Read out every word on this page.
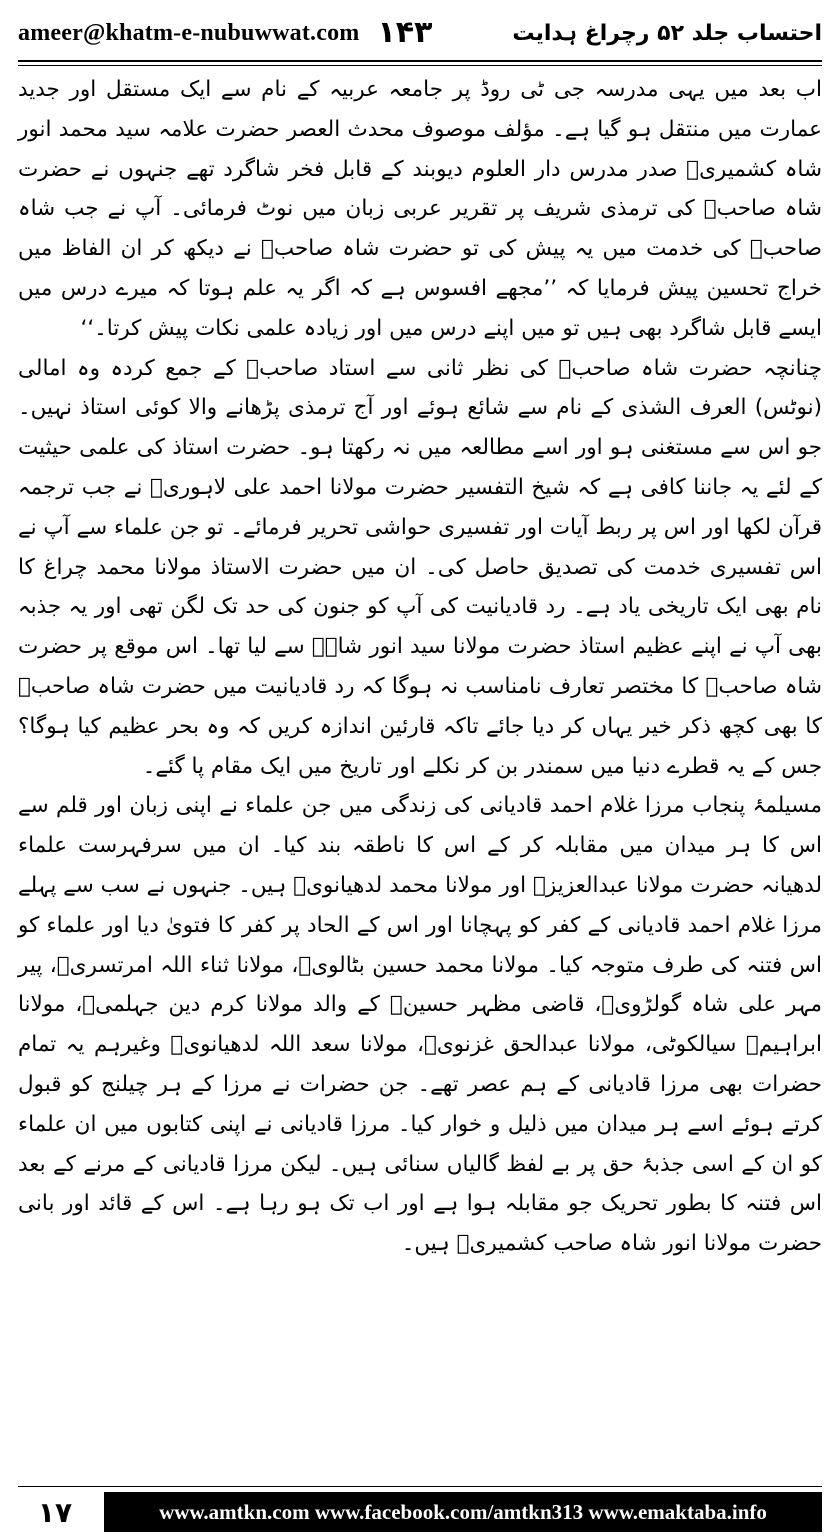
ameer@khatm-e-nubuwwat.com ۱۴۳	احتساب جلد ۵۲ رچراغ ہدایت

اب بعد میں یہی مدرسہ جی ٹی روڈ پر جامعہ عربیہ کے نام سے ایک مستقل اور جدید عمارت میں منتقل ہو گیا ہے۔ مؤلف موصوف محدث العصر حضرت علامہ سید محمد انور شاہ کشمیریؒ صدر مدرس دار العلوم دیوبند کے قابل فخر شاگرد تھے جنہوں نے حضرت شاہ صاحبؒ کی ترمذی شریف پر تقریر عربی زبان میں نوٹ فرمائی۔ آپ نے جب شاہ صاحبؒ کی خدمت میں یہ پیش کی تو حضرت شاہ صاحبؒ نے دیکھ کر ان الفاظ میں خراج تحسین پیش فرمایا کہ ’’مجھے افسوس ہے کہ اگر یہ علم ہوتا کہ میرے درس میں ایسے قابل شاگرد بھی ہیں تو میں اپنے درس میں اور زیادہ علمی نکات پیش کرتا۔‘‘

چنانچہ حضرت شاہ صاحبؒ کی نظر ثانی سے استاد صاحبؒ کے جمع کردہ وہ امالی (نوٹس) العرف الشذی کے نام سے شائع ہوئے اور آج ترمذی پڑھانے والا کوئی استاذ نہیں۔ جو اس سے مستغنی ہو اور اسے مطالعہ میں نہ رکھتا ہو۔ حضرت استاذ کی علمی حیثیت کے لئے یہ جاننا کافی ہے کہ شیخ التفسیر حضرت مولانا احمد علی لاہوریؒ نے جب ترجمہ قرآن لکھا اور اس پر ربط آیات اور تفسیری حواشی تحریر فرمائے۔ تو جن علماء سے آپ نے اس تفسیری خدمت کی تصدیق حاصل کی۔ ان میں حضرت الاستاذ مولانا محمد چراغ کا نام بھی ایک تاریخی یاد ہے۔ رد قادیانیت کی آپ کو جنون کی حد تک لگن تھی اور یہ جذبہ بھی آپ نے اپنے عظیم استاذ حضرت مولانا سید انور شاہؒ سے لیا تھا۔ اس موقع پر حضرت شاہ صاحبؒ کا مختصر تعارف نامناسب نہ ہوگا کہ رد قادیانیت میں حضرت شاہ صاحبؒ کا بھی کچھ ذکر خیر یہاں کر دیا جائے تاکہ قارئین اندازہ کریں کہ وہ بحر عظیم کیا ہوگا؟ جس کے یہ قطرے دنیا میں سمندر بن کر نکلے اور تاریخ میں ایک مقام پا گئے۔

مسیلمۂ پنجاب مرزا غلام احمد قادیانی کی زندگی میں جن علماء نے اپنی زبان اور قلم سے اس کا ہر میدان میں مقابلہ کر کے اس کا ناطقہ بند کیا۔ ان میں سرفہرست علماء لدھیانہ حضرت مولانا عبدالعزیزؒ اور مولانا محمد لدھیانویؒ ہیں۔ جنہوں نے سب سے پہلے مرزا غلام احمد قادیانی کے کفر کو پہچانا اور اس کے الحاد پر کفر کا فتویٰ دیا اور علماء کو اس فتنہ کی طرف متوجہ کیا۔ مولانا محمد حسین بٹالویؒ، مولانا ثناء اللہ امرتسریؒ، پیر مہر علی شاہ گولڑویؒ، قاضی مظہر حسینؒ کے والد مولانا کرم دین جہلمیؒ، مولانا ابراہیمؒ سیالکوٹی، مولانا عبدالحق غزنویؒ، مولانا سعد اللہ لدھیانویؒ وغیرہم یہ تمام حضرات بھی مرزا قادیانی کے ہم عصر تھے۔ جن حضرات نے مرزا کے ہر چیلنج کو قبول کرتے ہوئے اسے ہر میدان میں ذلیل و خوار کیا۔ مرزا قادیانی نے اپنی کتابوں میں ان علماء کو ان کے اسی جذبۂ حق پر بے لفظ گالیاں سنائی ہیں۔ لیکن مرزا قادیانی کے مرنے کے بعد اس فتنہ کا بطور تحریک جو مقابلہ ہوا ہے اور اب تک ہو رہا ہے۔ اس کے قائد اور بانی حضرت مولانا انور شاہ صاحب کشمیریؒ ہیں۔

۱۷	www.amtkn.com www.facebook.com/amtkn313 www.emaktaba.info
